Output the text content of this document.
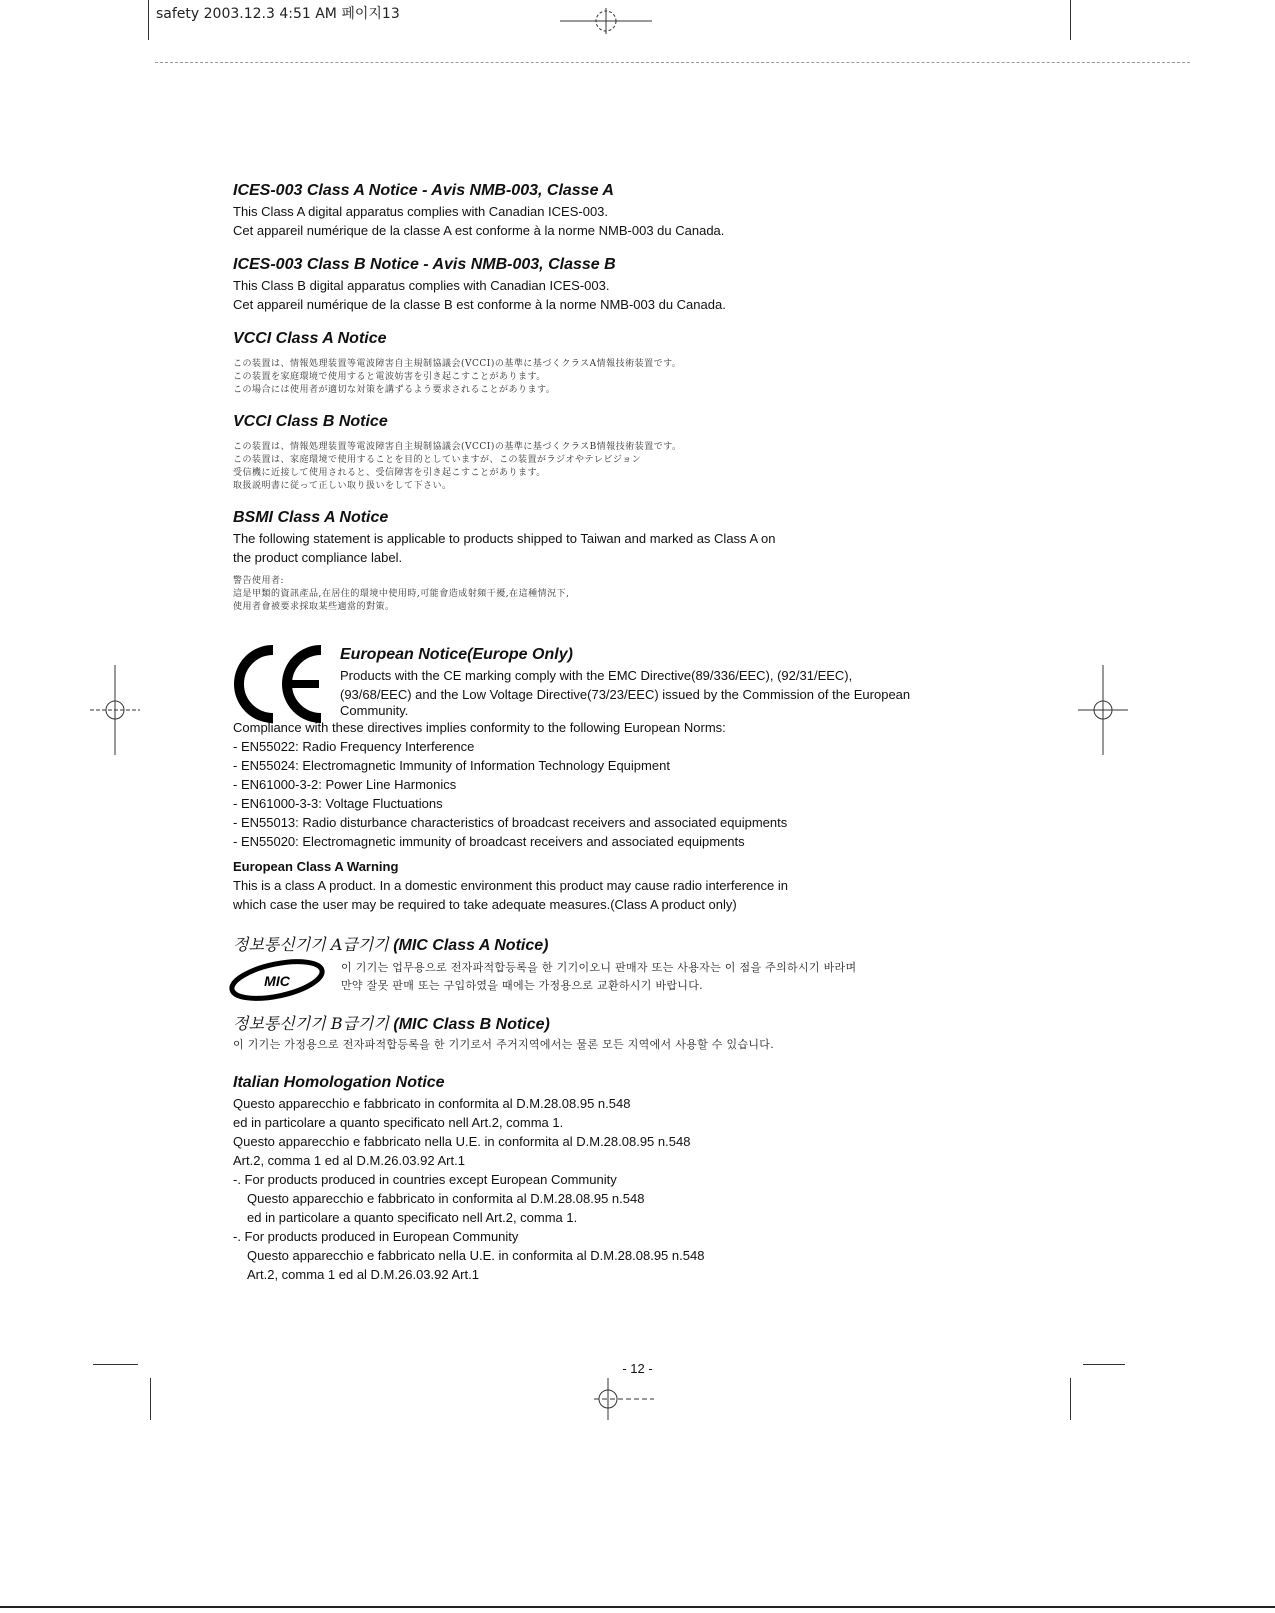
safety 2003.12.3 4:51 AM 페이지13
ICES-003 Class A Notice - Avis NMB-003, Classe A

This Class A digital apparatus complies with Canadian ICES-003.

Cet appareil numérique de la classe A est conforme à la norme NMB-003 du Canada.

ICES-003 Class B Notice - Avis NMB-003, Classe B

This Class B digital apparatus complies with Canadian ICES-003.

Cet appareil numérique de la classe B est conforme à la norme NMB-003 du Canada.

VCCI Class A Notice
この装置は、情報処理装置等電波障害自主規制協議会(VCCI)の基準に基づくクラスA情報技術装置です。
この装置を家庭環境で使用すると電波妨害を引き起こすことがあります。
この場合には使用者が適切な対策を講ずるよう要求されることがあります。
VCCI Class B Notice
この装置は、情報処理装置等電波障害自主規制協議会(VCCI)の基準に基づくクラスB情報技術装置です。
この装置は、家庭環境で使用することを目的としていますが、この装置がラジオやテレビジョン
受信機に近接して使用されると、受信障害を引き起こすことがあります。
取扱説明書に従って正しい取り扱いをして下さい。
BSMI Class A Notice

The following statement is applicable to products shipped to Taiwan and marked as Class A on

the product compliance label.

警告使用者:
這是甲類的資訊產品,在居住的環境中使用時,可能會造成射頻干擾,在這種情況下,
使用者會被要求採取某些適當的對策。
European Notice(Europe Only)

Products with the CE marking comply with the EMC Directive(89/336/EEC), (92/31/EEC),

(93/68/EEC) and the Low Voltage Directive(73/23/EEC) issued by the Commission of the European

Community.

Compliance with these directives implies conformity to the following European Norms:

- EN55022: Radio Frequency Interference

- EN55024: Electromagnetic Immunity of Information Technology Equipment

- EN61000-3-2: Power Line Harmonics

- EN61000-3-3: Voltage Fluctuations

- EN55013: Radio disturbance characteristics of broadcast receivers and associated equipments

- EN55020: Electromagnetic immunity of broadcast receivers and associated equipments

European Class A Warning

This is a class A product. In a domestic environment this product may cause radio interference in

which case the user may be required to take adequate measures.(Class A product only)

정보통신기기 A급기기 (MIC Class A Notice)
MIC
이 기기는 업무용으로 전자파적합등록을 한 기기이오니 판매자 또는 사용자는 이 점을 주의하시기 바라며
만약 잘못 판매 또는 구입하였을 때에는 가정용으로 교환하시기 바랍니다.
정보통신기기 B급기기 (MIC Class B Notice)
이 기기는 가정용으로 전자파적합등록을 한 기기로서 주거지역에서는 물론 모든 지역에서 사용할 수 있습니다.
Italian Homologation Notice

Questo apparecchio e fabbricato in conformita al D.M.28.08.95 n.548

ed in particolare a quanto specificato nell Art.2, comma 1.

Questo apparecchio e fabbricato nella U.E. in conformita al D.M.28.08.95 n.548

Art.2, comma 1 ed al D.M.26.03.92 Art.1

-. For products produced in countries except European Community

Questo apparecchio e fabbricato in conformita al D.M.28.08.95 n.548

ed in particolare a quanto specificato nell Art.2, comma 1.

-. For products produced in European Community

Questo apparecchio e fabbricato nella U.E. in conformita al D.M.28.08.95 n.548

Art.2, comma 1 ed al D.M.26.03.92 Art.1

- 12 -
